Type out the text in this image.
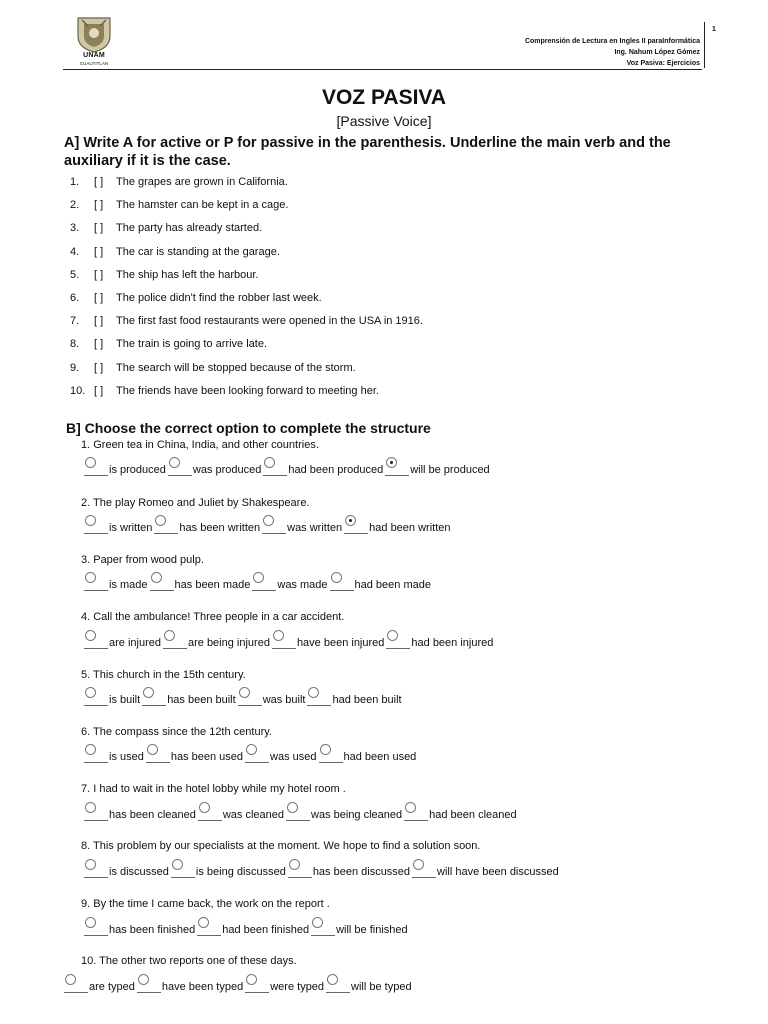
UNAM
CUAUTITLAN
Comprensión de Lectura en Ingles II paraInformática
Ing. Nahum López Gómez
Voz Pasiva: Ejercicios
1
VOZ PASIVA
[Passive Voice]
A] Write A for active or P for passive in the parenthesis. Underline the main verb and the auxiliary if it is the case.
1.	[ ]	The grapes are grown in California.
2.	[ ]	The hamster can be kept in a cage.
3.	[ ]	The party has already started.
4.	[ ]	The car is standing at the garage.
5.	[ ]	The ship has left the harbour.
6.	[ ]	The police didn't find the robber last week.
7.	[ ]	The first fast food restaurants were opened in the USA in 1916.
8.	[ ]	The train is going to arrive late.
9.	[ ]	The search will be stopped because of the storm.
10. [ ]	The friends have been looking forward to meeting her.
B] Choose the correct option to complete the structure
1. Green tea in China, India, and other countries.
is produced was produced had been produced will be produced
2. The play Romeo and Juliet by Shakespeare.
is written has been written was written had been written
3. Paper from wood pulp.
is made has been made was made had been made
4. Call the ambulance! Three people in a car accident.
are injured are being injured have been injured had been injured
5. This church in the 15th century.
is built has been built was built had been built
6. The compass since the 12th century.
is used has been used was used had been used
7. I had to wait in the hotel lobby while my hotel room .
has been cleaned was cleaned was being cleaned had been cleaned
8. This problem by our specialists at the moment. We hope to find a solution soon.
is discussed is being discussed has been discussed will have been discussed
9. By the time I came back, the work on the report .
has been finished had been finished will be finished
10. The other two reports one of these days.
are typed have been typed were typed will be typed
